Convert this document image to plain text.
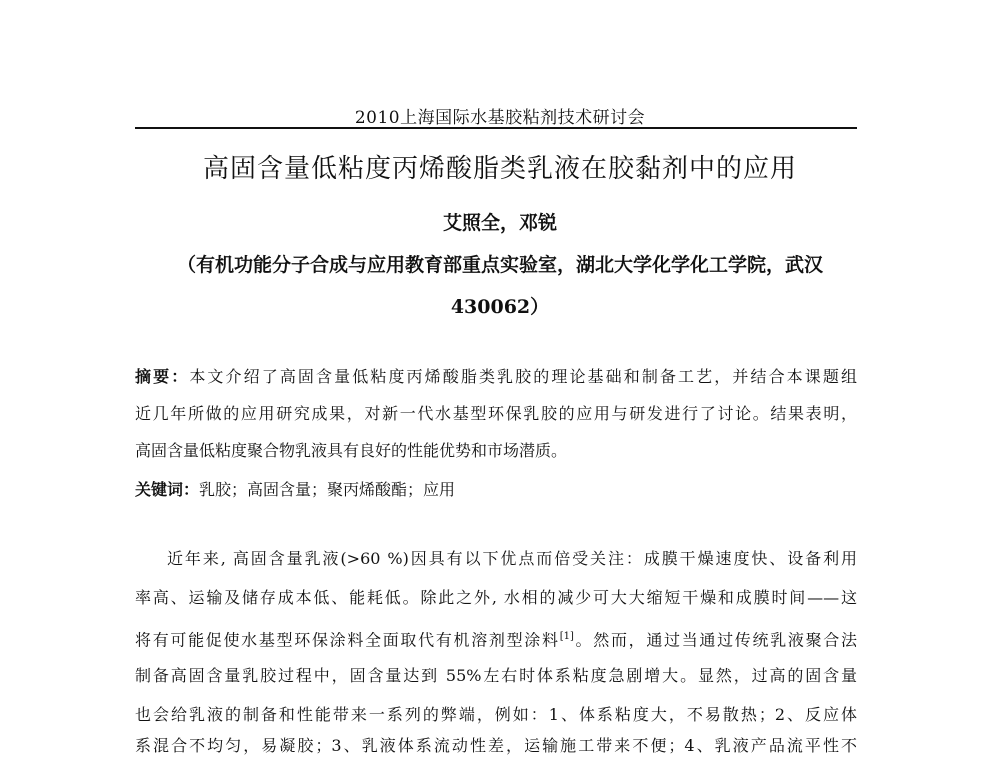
2010上海国际水基胶粘剂技术研讨会
高固含量低粘度丙烯酸脂类乳液在胶黏剂中的应用
艾照全，邓锐
（有机功能分子合成与应用教育部重点实验室，湖北大学化学化工学院，武汉
430062）
摘要：本文介绍了高固含量低粘度丙烯酸脂类乳胶的理论基础和制备工艺，并结合本课题组
近几年所做的应用研究成果，对新一代水基型环保乳胶的应用与研发进行了讨论。结果表明，
高固含量低粘度聚合物乳液具有良好的性能优势和市场潜质。
关键词：乳胶；高固含量；聚丙烯酸酯；应用
近年来, 高固含量乳液(>60 %)因具有以下优点而倍受关注：成膜干燥速度快、设备利用
率高、运输及储存成本低、能耗低。除此之外, 水相的减少可大大缩短干燥和成膜时间——这
将有可能促使水基型环保涂料全面取代有机溶剂型涂料[1]。然而，通过当通过传统乳液聚合法
制备高固含量乳胶过程中，固含量达到 55%左右时体系粘度急剧增大。显然，过高的固含量
也会给乳液的制备和性能带来一系列的弊端，例如：1、体系粘度大，不易散热；2、反应体
系混合不均匀，易凝胶；3、乳液体系流动性差，运输施工带来不便；4、乳液产品流平性不
